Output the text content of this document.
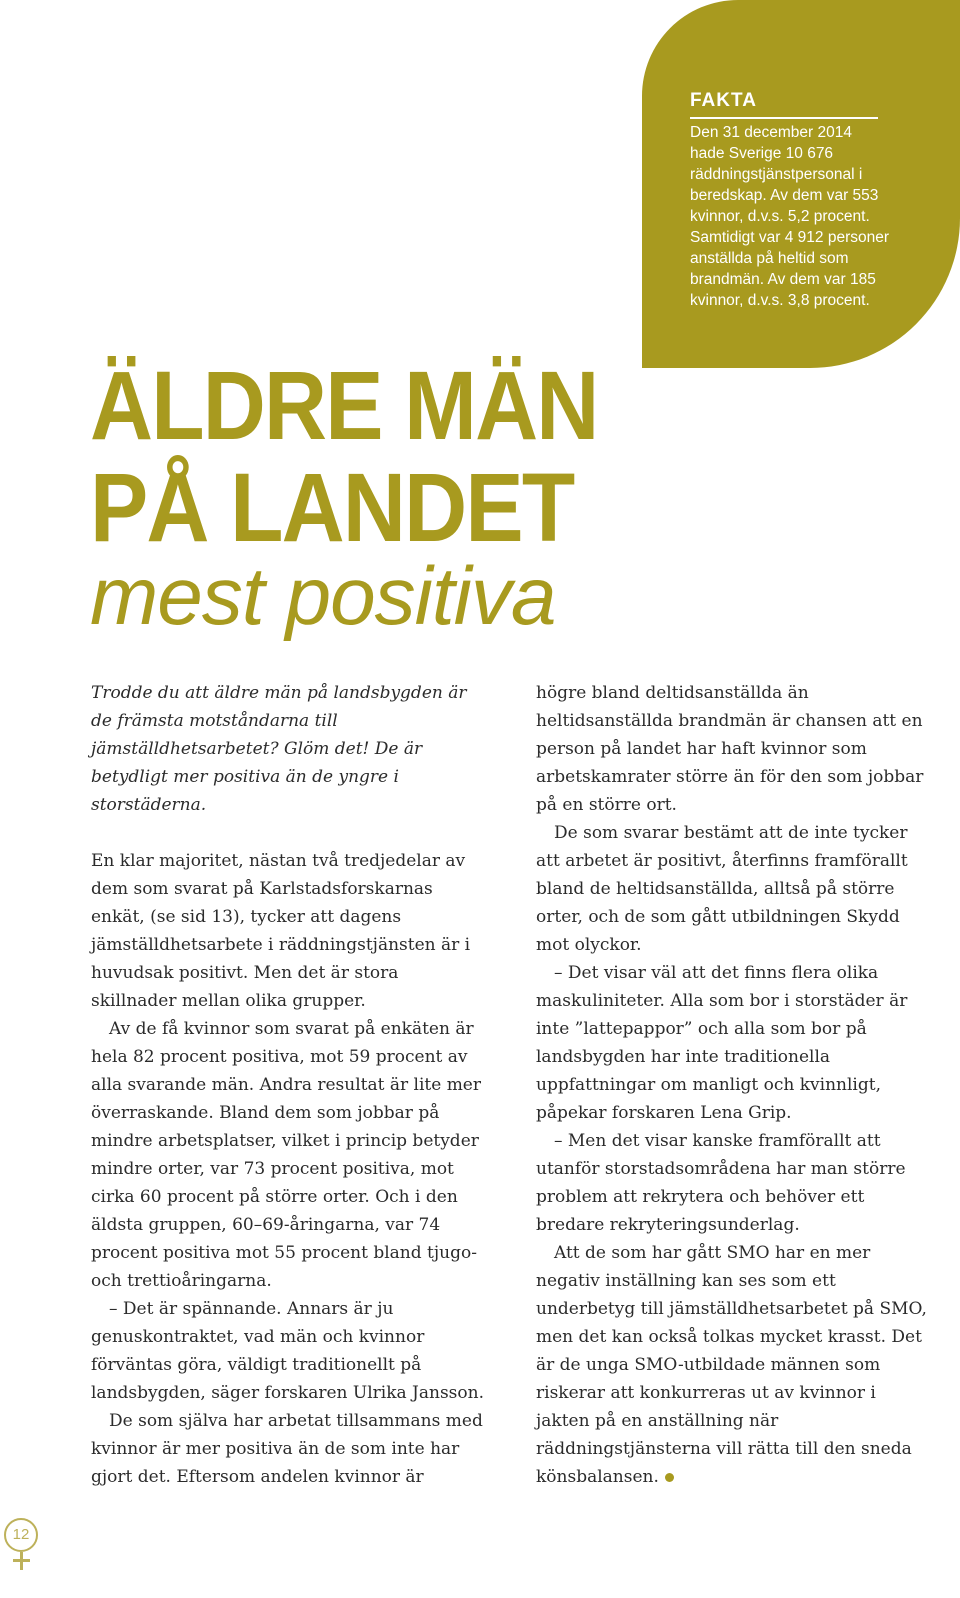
FAKTA

Den 31 december 2014 hade Sverige 10 676 räddningstjänstpersonal i beredskap. Av dem var 553 kvinnor, d.v.s. 5,2 procent. Samtidigt var 4 912 personer anställda på heltid som brandmän. Av dem var 185 kvinnor, d.v.s. 3,8 procent.

ÄLDRE MÄN
PÅ LANDET
mest positiva

Trodde du att äldre män på landsbygden är de främsta motståndarna till jämställdhetsarbetet? Glöm det! De är betydligt mer positiva än de yngre i storstäderna.

En klar majoritet, nästan två tredjedelar av dem som svarat på Karlstadsforskarnas enkät, (se sid 13), tycker att dagens jämställdhetsarbete i räddningstjänsten är i huvudsak positivt. Men det är stora skillnader mellan olika grupper.

Av de få kvinnor som svarat på enkäten är hela 82 procent positiva, mot 59 procent av alla svarande män. Andra resultat är lite mer överraskande. Bland dem som jobbar på mindre arbetsplatser, vilket i princip betyder mindre orter, var 73 procent positiva, mot cirka 60 procent på större orter. Och i den äldsta gruppen, 60–69-åringarna, var 74 procent positiva mot 55 procent bland tjugo- och trettioåringarna.

– Det är spännande. Annars är ju genuskontraktet, vad män och kvinnor förväntas göra, väldigt traditionellt på landsbygden, säger forskaren Ulrika Jansson.

De som själva har arbetat tillsammans med kvinnor är mer positiva än de som inte har gjort det. Eftersom andelen kvinnor är

högre bland deltidsanställda än heltidsanställda brandmän är chansen att en person på landet har haft kvinnor som arbetskamrater större än för den som jobbar på en större ort.

De som svarar bestämt att de inte tycker att arbetet är positivt, återfinns framförallt bland de heltidsanställda, alltså på större orter, och de som gått utbildningen Skydd mot olyckor.

– Det visar väl att det finns flera olika maskuliniteter. Alla som bor i storstäder är inte ”lattepappor” och alla som bor på landsbygden har inte traditionella uppfattningar om manligt och kvinnligt, påpekar forskaren Lena Grip.

– Men det visar kanske framförallt att utanför storstadsområdena har man större problem att rekrytera och behöver ett bredare rekryteringsunderlag.

Att de som har gått SMO har en mer negativ inställning kan ses som ett underbetyg till jämställdhetsarbetet på SMO, men det kan också tolkas mycket krasst. Det är de unga SMO-utbildade männen som riskerar att konkurreras ut av kvinnor i jakten på en anställning när räddningstjänsterna vill rätta till den sneda könsbalansen.

12
